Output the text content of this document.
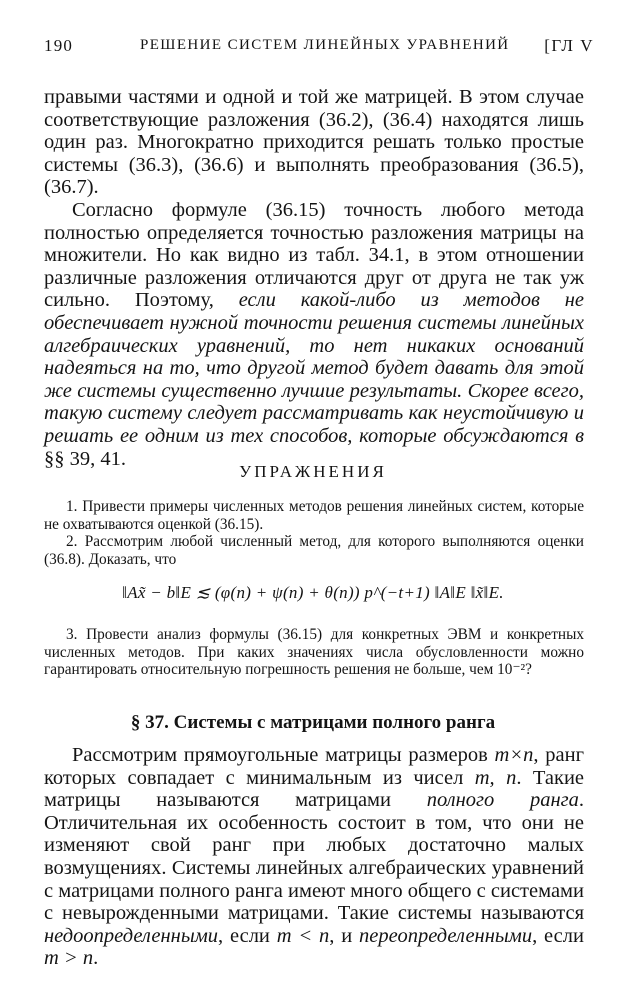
190	РЕШЕНИЕ СИСТЕМ ЛИНЕЙНЫХ УРАВНЕНИЙ [ГЛ V

правыми частями и одной и той же матрицей. В этом случае соответствующие разложения (36.2), (36.4) находятся лишь один раз. Многократно приходится решать только простые системы (36.3), (36.6) и выполнять преобразования (36.5), (36.7).

Согласно формуле (36.15) точность любого метода полностью определяется точностью разложения матрицы на множители. Но как видно из табл. 34.1, в этом отношении различные разложения отличаются друг от друга не так уж сильно. Поэтому, если какой-либо из методов не обеспечивает нужной точности решения системы линейных алгебраических уравнений, то нет никаких оснований надеяться на то, что другой метод будет давать для этой же системы существенно лучшие результаты. Скорее всего, такую систему следует рассматривать как неустойчивую и решать ее одним из тех способов, которые обсуждаются в §§ 39, 41.

УПРАЖНЕНИЯ

1. Привести примеры численных методов решения линейных систем, которые не охватываются оценкой (36.15).

2. Рассмотрим любой численный метод, для которого выполняются оценки (36.8). Доказать, что

‖Ax̃ − b‖E ≲ (φ(n) + ψ(n) + θ(n)) p^(−t+1) ‖A‖E ‖x̃‖E.

3. Провести анализ формулы (36.15) для конкретных ЭВМ и конкретных численных методов. При каких значениях числа обусловленности можно гарантировать относительную погрешность решения не больше, чем 10⁻²?

§ 37. Системы с матрицами полного ранга

Рассмотрим прямоугольные матрицы размеров m×n, ранг которых совпадает с минимальным из чисел m, n. Такие матрицы называются матрицами полного ранга. Отличительная их особенность состоит в том, что они не изменяют свой ранг при любых достаточно малых возмущениях. Системы линейных алгебраических уравнений с матрицами полного ранга имеют много общего с системами с невырожденными матрицами. Такие системы называются недоопределенными, если m < n, и переопределенными, если m > n.
